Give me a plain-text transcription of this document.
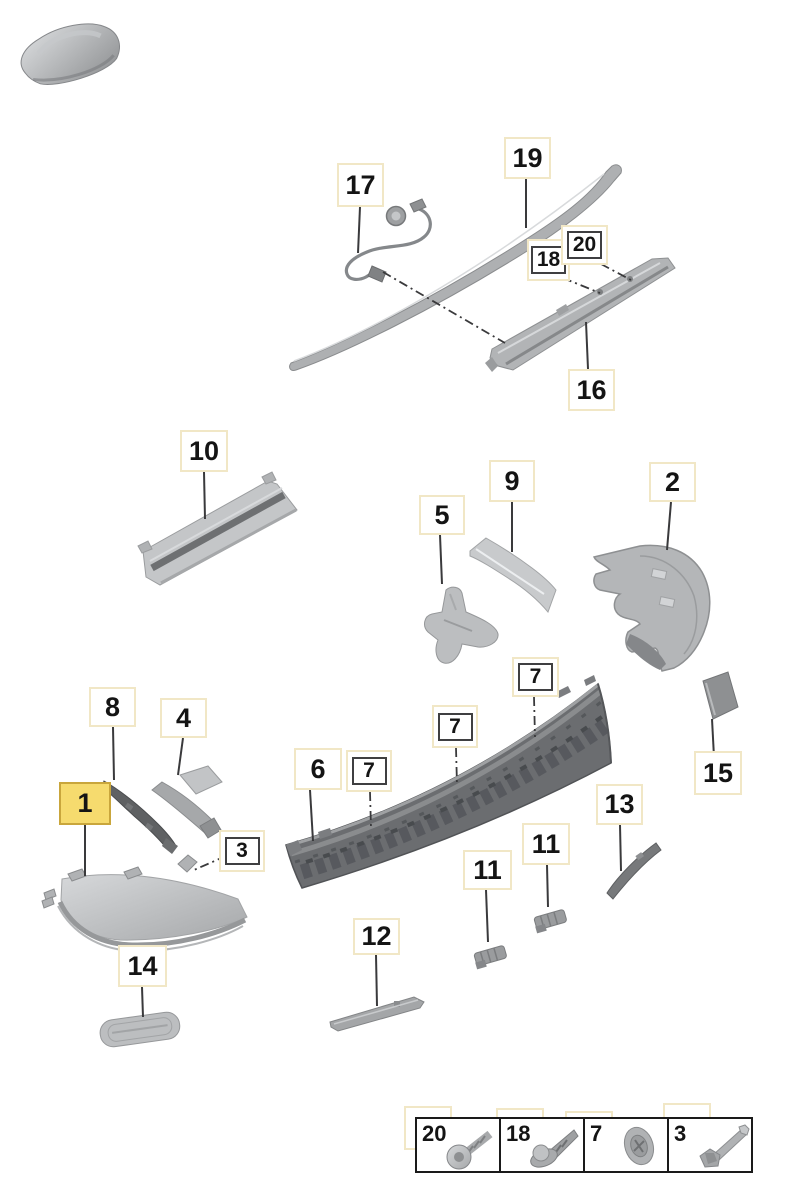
17
19
18
20
16
10
5
9	2
8 4
1
3
6	7
7
7
15
13
11
11
12
14
20	18	7	3
